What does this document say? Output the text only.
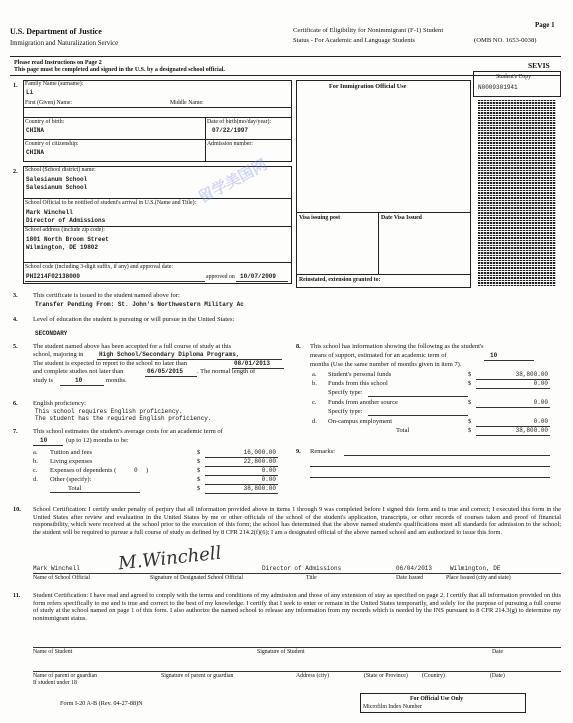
U.S. Department of Justice
Immigration and Naturalization Service
Certificate of Eligibility for Nonimmigrant (F-1) Student
Status - For Academic and Language Students	(OMB NO. 1653-0038)
Page 1
SEVIS
Please read Instructions on Page 2
This page must be completed and signed in the U.S. by a designated school official.
1. Family Name (surname):
Li
First (Given) Name:	Middle Name:
Country of birth:
CHINA
Date of birth(mo/day/year):
07/22/1997
Country of citizenship:
CHINA
Admission number:
2. School (School district) name:
Salesianum School
Salesianum School
School Official to be notified of student's arrival in U.S.(Name and Title):
Mark Winchell
Director of Admissions
School address (include zip code):
1801 North Broom Street
Wilmington, DE 19802
School code (including 3-digit suffix, if any) and approval date:
PHI214F02138000	approved on 10/07/2009
For Immigration Official Use
Visa issuing post	Date Visa Issued
Reinstated, extension granted to:
Student's Copy
N0009301941
留学美国网
3. This certificate is issued to the student named above for:
Transfer Pending From: St. John's Northwestern Military Ac
4. Level of education the student is pursuing or will pursue in the United States:
SECONDARY
5. The student named above has been accepted for a full course of study at this
school, majoring in	High School/Secondary Diploma Programs,
The student is expected to report to the school no later than	08/01/2013
and complete studies not later than	06/05/2015 . The normal length of
study is	10	months.
6. English proficiency:
This school requires English proficiency.
The student has the required English proficiency.
7. This school estimates the student's average costs for an academic term of
10	(up to 12) months to be:
a. Tuition and fees	$	16,000.00
b. Living expenses	$	22,800.00
c. Expenses of dependents (	0 )	$	0.00
d. Other (specify):	$	0.00
Total	$	38,800.00
8. This school has information showing the following as the student's
means of support, estimated for an academic term of	10
months (Use the same number of months given in item 7).
a. Student's personal funds	$	38,800.00
b. Funds from this school	$	0.00
Specify type:
c. Funds from another source	$	0.00
Specify type:
d. On-campus employment	$	0.00
Total	$	38,800.00
9. Remarks:
10. School Certification: I certify under penalty of perjury that all information provided above in items 1 through 9 was completed before I signed this form and is true and correct; I executed this form in the United States after review and evaluation in the United States by me or other officials of the school of the student's application, transcripts, or other records of courses taken and proof of financial responsibility, which were received at the school prior to the execution of this form; the school has determined that the above named student's qualifications meet all standards for admission to the school; the student will be required to pursue a full course of study as defined by 8 CFR 214.2(f)(6); I am a designated official of the above named school and am authorized to issue this form.
Mark Winchell	Director of Admissions	06/04/2013	Wilmington, DE
M.Winchell
Name of School Official	Signature of Designated School Official	Title	Date Issued	Place Issued (city and state)
11. Student Certification: I have read and agreed to comply with the terms and conditions of my admission and those of any extension of stay as specified on page 2. I certify that all information provided on this form refers specifically to me and is true and correct to the best of my knowledge. I certify that I seek to enter or remain in the United States temporarily, and solely for the purpose of pursuing a full course of study at the school named on page 1 of this form. I also authorize the named school to release any information from my records which is needed by the INS pursuant to 8 CFR 214.3(g) to determine my nonimmigrant status.
Name of Student	Signature of Student	Date
Name of parent or guardian
If student under 18
Signature of parent or guardian	Address (city)	(State or Province) (Country)	(Date)
Form I-20 A-B (Rev. 04-27-88)N
For Official Use Only
Microfilm Index Number
